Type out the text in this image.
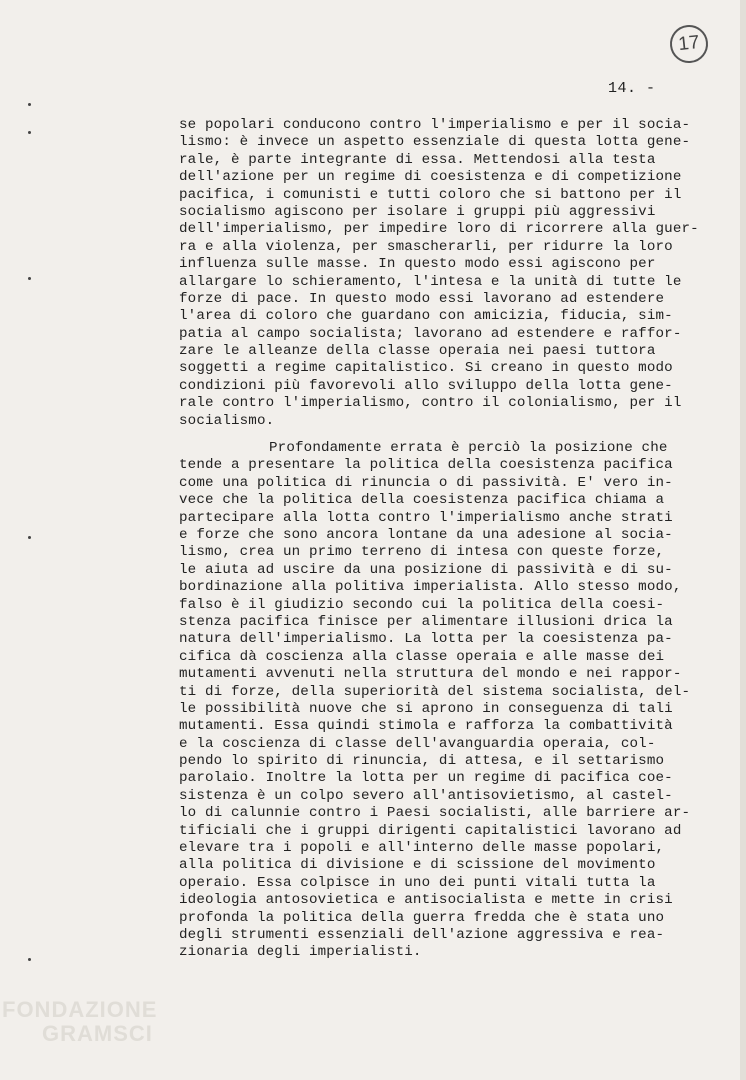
17
14. -
se popolari conducono contro l'imperialismo e per il socia-
lismo: è invece un aspetto essenziale di questa lotta gene-
rale, è parte integrante di essa. Mettendosi alla testa
dell'azione per un regime di coesistenza e di competizione
pacifica, i comunisti e tutti coloro che si battono per il
socialismo agiscono per isolare i gruppi più aggressivi
dell'imperialismo, per impedire loro di ricorrere alla guer-
ra e alla violenza, per smascherarli, per ridurre la loro
influenza sulle masse. In questo modo essi agiscono per
allargare lo schieramento, l'intesa e la unità di tutte le
forze di pace. In questo modo essi lavorano ad estendere
l'area di coloro che guardano con amicizia, fiducia, sim-
patia al campo socialista; lavorano ad estendere e raffor-
zare le alleanze della classe operaia nei paesi tuttora
soggetti a regime capitalistico. Si creano in questo modo
condizioni più favorevoli allo sviluppo della lotta gene-
rale contro l'imperialismo, contro il colonialismo, per il
socialismo.
Profondamente errata è perciò la posizione che
tende a presentare la politica della coesistenza pacifica
come una politica di rinuncia o di passività. E' vero in-
vece che la politica della coesistenza pacifica chiama a
partecipare alla lotta contro l'imperialismo anche strati
e forze che sono ancora lontane da una adesione al socia-
lismo, crea un primo terreno di intesa con queste forze,
le aiuta ad uscire da una posizione di passività e di su-
bordinazione alla politiva imperialista. Allo stesso modo,
falso è il giudizio secondo cui la politica della coesi-
stenza pacifica finisce per alimentare illusioni drica la
natura dell'imperialismo. La lotta per la coesistenza pa-
cifica dà coscienza alla classe operaia e alle masse dei
mutamenti avvenuti nella struttura del mondo e nei rappor-
ti di forze, della superiorità del sistema socialista, del-
le possibilità nuove che si aprono in conseguenza di tali
mutamenti. Essa quindi stimola e rafforza la combattività
e la coscienza di classe dell'avanguardia operaia, col-
pendo lo spirito di rinuncia, di attesa, e il settarismo
parolaio. Inoltre la lotta per un regime di pacifica coe-
sistenza è un colpo severo all'antisovietismo, al castel-
lo di calunnie contro i Paesi socialisti, alle barriere ar-
tificiali che i gruppi dirigenti capitalistici lavorano ad
elevare tra i popoli e all'interno delle masse popolari,
alla politica di divisione e di scissione del movimento
operaio. Essa colpisce in uno dei punti vitali tutta la
ideologia antosovietica e antisocialista e mette in crisi
profonda la politica della guerra fredda che è stata uno
degli strumenti essenziali dell'azione aggressiva e rea-
zionaria degli imperialisti.
FONDAZIONE
GRAMSCI
